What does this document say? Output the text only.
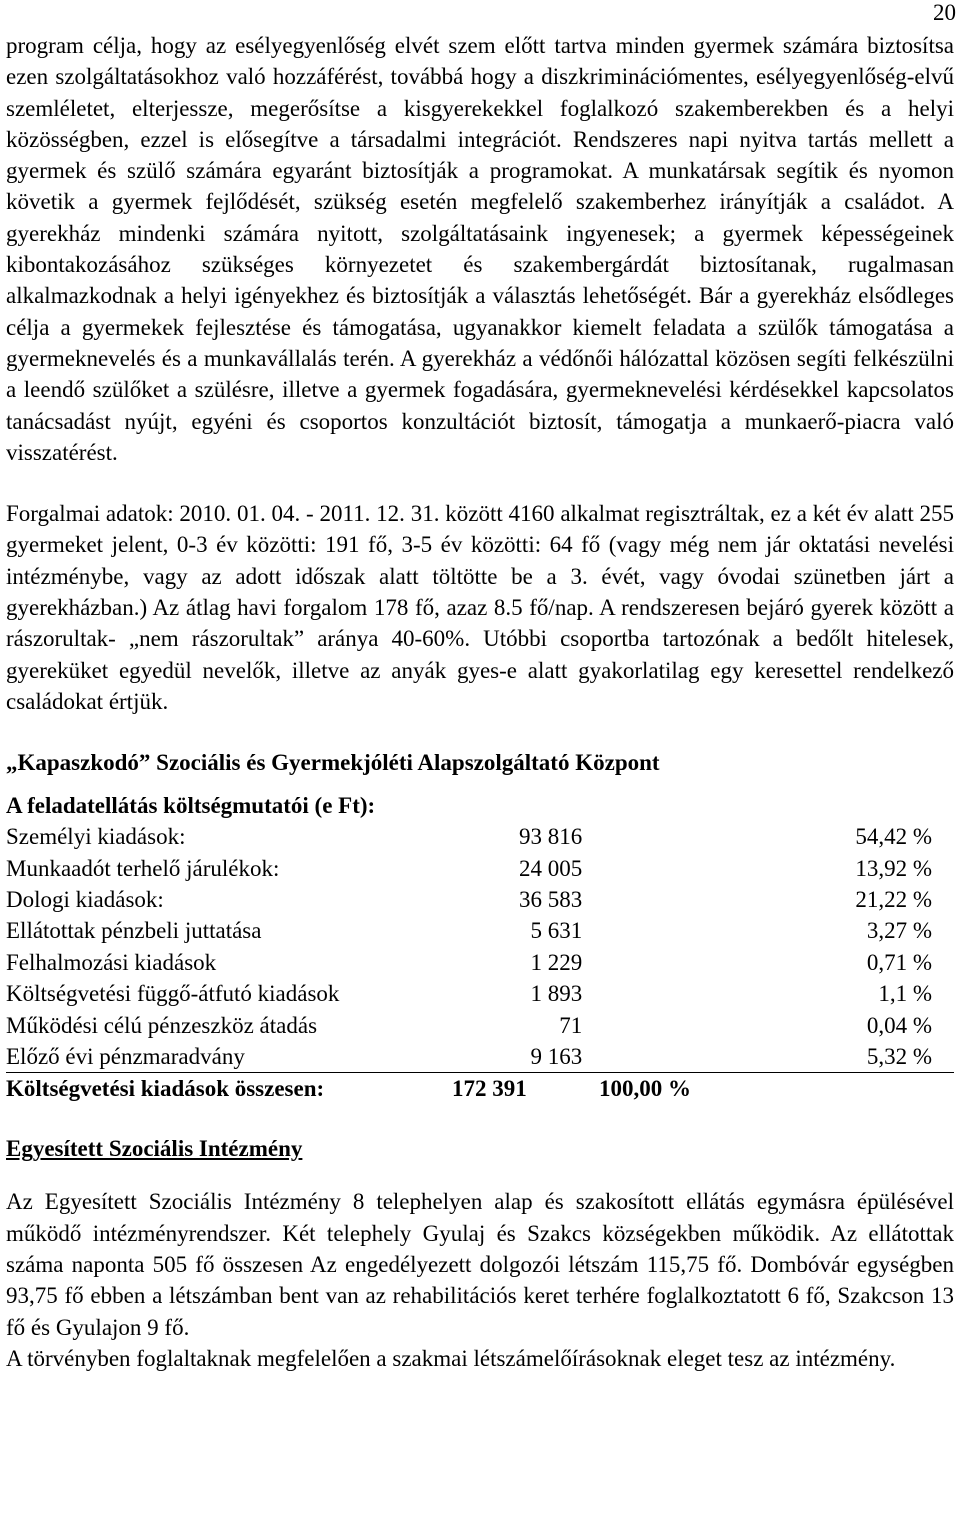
20

program célja, hogy az esélyegyenlőség elvét szem előtt tartva minden gyermek számára biztosítsa ezen szolgáltatásokhoz való hozzáférést, továbbá hogy a diszkriminációmentes, esélyegyenlőség-elvű szemléletet, elterjessze, megerősítse a kisgyerekekkel foglalkozó szakemberekben és a helyi közösségben, ezzel is elősegítve a társadalmi integrációt. Rendszeres napi nyitva tartás mellett a gyermek és szülő számára egyaránt biztosítják a programokat. A munkatársak segítik és nyomon követik a gyermek fejlődését, szükség esetén megfelelő szakemberhez irányítják a családot. A gyerekház mindenki számára nyitott, szolgáltatásaink ingyenesek; a gyermek képességeinek kibontakozásához szükséges környezetet és szakembergárdát biztosítanak, rugalmasan alkalmazkodnak a helyi igényekhez és biztosítják a választás lehetőségét. Bár a gyerekház elsődleges célja a gyermekek fejlesztése és támogatása, ugyanakkor kiemelt feladata a szülők támogatása a gyermeknevelés és a munkavállalás terén. A gyerekház a védőnői hálózattal közösen segíti felkészülni a leendő szülőket a szülésre, illetve a gyermek fogadására, gyermeknevelési kérdésekkel kapcsolatos tanácsadást nyújt, egyéni és csoportos konzultációt biztosít, támogatja a munkaerő-piacra való visszatérést.

Forgalmai adatok: 2010. 01. 04. - 2011. 12. 31. között 4160 alkalmat regisztráltak, ez a két év alatt 255 gyermeket jelent, 0-3 év közötti: 191 fő, 3-5 év közötti: 64 fő (vagy még nem jár oktatási nevelési intézménybe, vagy az adott időszak alatt töltötte be a 3. évét, vagy óvodai szünetben járt a gyerekházban.) Az átlag havi forgalom 178 fő, azaz 8.5 fő/nap. A rendszeresen bejáró gyerek között a rászorultak- „nem rászorultak” aránya 40-60%. Utóbbi csoportba tartozónak a bedőlt hitelesek, gyereküket egyedül nevelők, illetve az anyák gyes-e alatt gyakorlatilag egy keresettel rendelkező családokat értjük.

„Kapaszkodó” Szociális és Gyermekjóléti Alapszolgáltató Központ

A feladatellátás költségmutatói (e Ft):

Személyi kiadások:	93 816	54,42 %
Munkaadót terhelő járulékok:	24 005	13,92 %
Dologi kiadások:	36 583	21,22 %
Ellátottak pénzbeli juttatása	5 631	3,27 %
Felhalmozási kiadások	1 229	0,71 %
Költségvetési függő-átfutó kiadások	1 893	1,1 %
Működési célú pénzeszköz átadás	71	0,04 %
Előző évi pénzmaradvány	9 163	5,32 %
Költségvetési kiadások összesen:	172 391	100,00 %

Egyesített Szociális Intézmény

Az Egyesített Szociális Intézmény 8 telephelyen alap és szakosított ellátás egymásra épülésével működő intézményrendszer. Két telephely Gyulaj és Szakcs községekben működik. Az ellátottak száma naponta 505 fő összesen Az engedélyezett dolgozói létszám 115,75 fő. Dombóvár egységben 93,75 fő ebben a létszámban bent van az rehabilitációs keret terhére foglalkoztatott 6 fő, Szakcson 13 fő és Gyulajon 9 fő.

A törvényben foglaltaknak megfelelően a szakmai létszámelőírásoknak eleget tesz az intézmény.
